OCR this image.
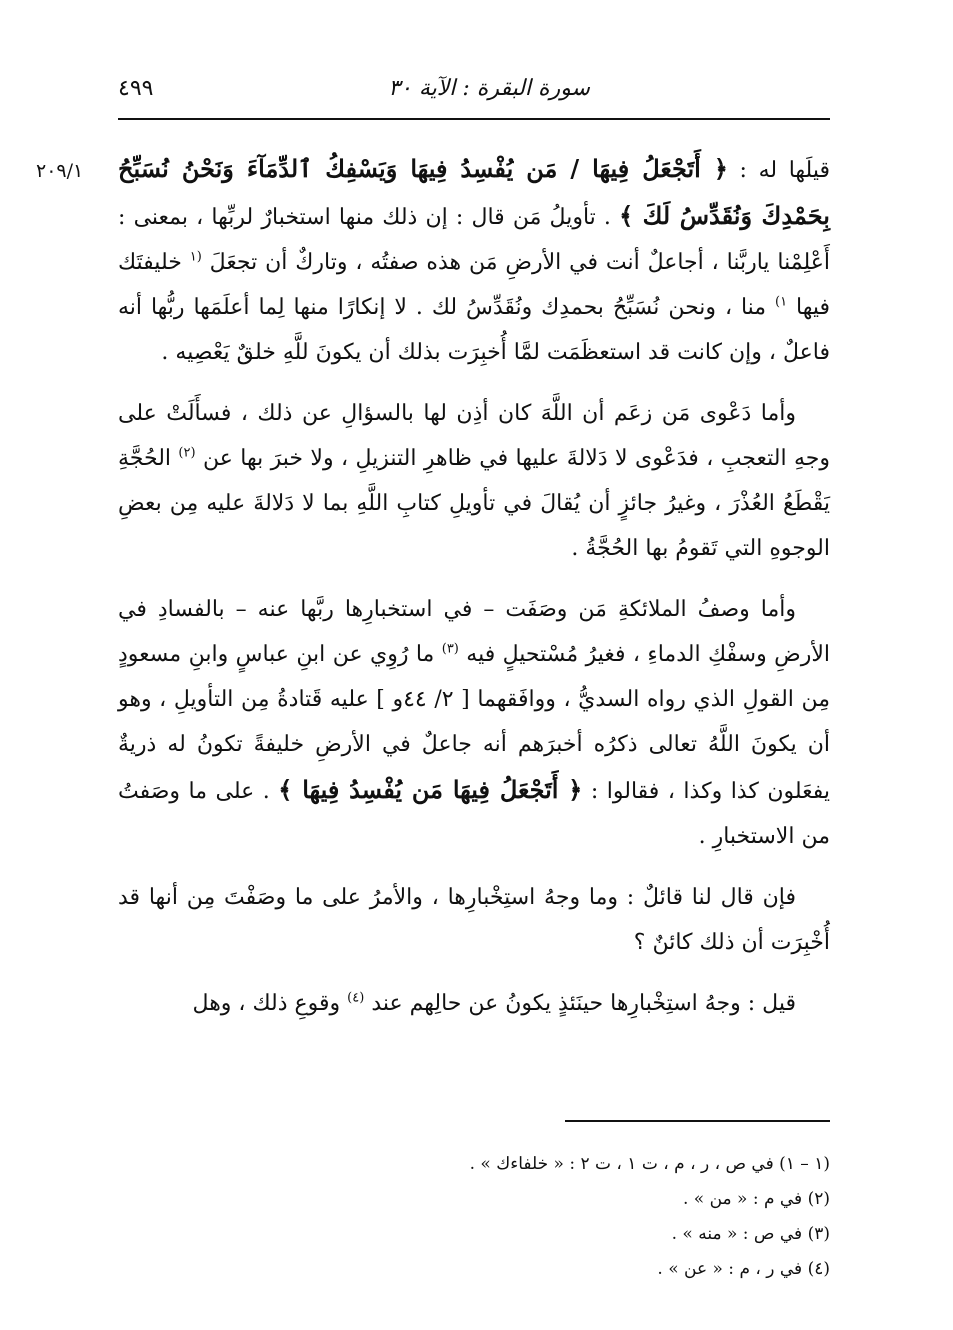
سورة البقرة : الآية ٣٠
٤٩٩
٢٠٩/١	قيلَها له : ﴿ أَتَجْعَلُ فِيهَا / مَن يُفْسِدُ فِيهَا وَيَسْفِكُ ٱلدِّمَآءَ وَنَحْنُ نُسَبِّحُ بِحَمْدِكَ وَنُقَدِّسُ لَكَ ﴾ . تأويلُ مَن قال : إن ذلك منها استخبارٌ لربِّها ، بمعنى : أَعْلِمْنا ياربَّنا ، أجاعلٌ أنت في الأرضِ مَن هذه صفتُه ، وتاركٌ أن تجعَلَ $^{(١}$ خليفتَك فيها $^{١)}$ منا ، ونحن نُسَبِّحُ بحمدِك ونُقَدِّسُ لك . لا إنكارًا منها لِما أعلَمَها ربُّها أنه فاعلٌ ، وإن كانت قد استعظَمَت لمَّا أُخبِرَت بذلك أن يكونَ للَّهِ خلقٌ يَعْصِيه .

وأما دَعْوى مَن زعَم أن اللَّهَ كان أذِن لها بالسؤالِ عن ذلك ، فسأَلَتْ على وجهِ التعجبِ ، فدَعْوى لا دَلالةَ عليها في ظاهرِ التنزيلِ ، ولا خبرَ بها عن $^{(٢)}$ الحُجَّةِ يَقْطَعُ العُذْرَ ، وغيرُ جائزٍ أن يُقالَ في تأويلِ كتابِ اللَّهِ بما لا دَلالةَ عليه مِن بعضِ الوجوهِ التي تَقومُ بها الحُجَّةُ .

وأما وصفُ الملائكةِ مَن وصَفَت – في استخبارِها ربَّها عنه – بالفسادِ في الأرضِ وسفْكِ الدماءِ ، فغيرُ مُسْتحيلٍ فيه $^{(٣)}$ ما رُوِي عن ابنِ عباسٍ وابنِ مسعودٍ مِن القولِ الذي رواه السديُّ ، ووافَقهما [ ٢/ ٤٤و ] عليه قَتادةُ مِن التأويلِ ، وهو أن يكونَ اللَّهُ تعالى ذكرُه أخبرَهم أنه جاعلٌ في الأرضِ خليفةً تكونُ له ذريةٌ يفعَلون كذا وكذا ، فقالوا : ﴿ أَتَجْعَلُ فِيهَا مَن يُفْسِدُ فِيهَا ﴾ . على ما وصَفتُ من الاستخبارِ .

فإن قال لنا قائلٌ : وما وجهُ استِخْبارِها ، والأمرُ على ما وصَفْتَ مِن أنها قد أُخْبِرَت أن ذلك كائنٌ ؟

قيل : وجهُ استِخْبارِها حينَئذٍ يكونُ عن حالِهم عند $^{(٤)}$ وقوعِ ذلك ، وهل

(١ – ١) في ص ، ر ، م ، ت ١ ، ت ٢ : « خلفاءك » .
(٢) في م : « من » .
(٣) في ص : « منه » .
(٤) في ر ، م : « عن » .
